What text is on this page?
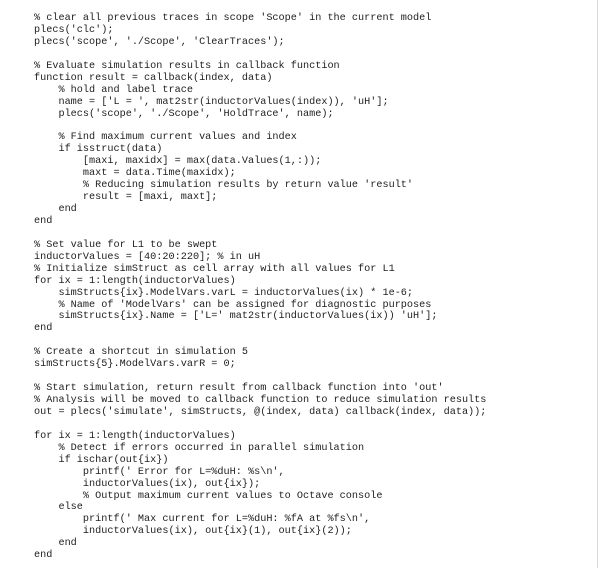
% clear all previous traces in scope 'Scope' in the current model
plecs('clc');
plecs('scope', './Scope', 'ClearTraces');

% Evaluate simulation results in callback function
function result = callback(index, data)
% hold and label trace
name = ['L = ', mat2str(inductorValues(index)), 'uH'];
plecs('scope', './Scope', 'HoldTrace', name);

% Find maximum current values and index
if isstruct(data)
[maxi, maxidx] = max(data.Values(1,:));
maxt = data.Time(maxidx);
% Reducing simulation results by return value 'result'
result = [maxi, maxt];
end
end

% Set value for L1 to be swept
inductorValues = [40:20:220]; % in uH
% Initialize simStruct as cell array with all values for L1
for ix = 1:length(inductorValues)
simStructs{ix}.ModelVars.varL = inductorValues(ix) * 1e-6;
% Name of 'ModelVars' can be assigned for diagnostic purposes
simStructs{ix}.Name = ['L=' mat2str(inductorValues(ix)) 'uH'];
end

% Create a shortcut in simulation 5
simStructs{5}.ModelVars.varR = 0;

% Start simulation, return result from callback function into 'out'
% Analysis will be moved to callback function to reduce simulation results
out = plecs('simulate', simStructs, @(index, data) callback(index, data));

for ix = 1:length(inductorValues)
% Detect if errors occurred in parallel simulation
if ischar(out{ix})
printf(' Error for L=%duH: %s\n',
inductorValues(ix), out{ix});
% Output maximum current values to Octave console
else
printf(' Max current for L=%duH: %fA at %fs\n',
inductorValues(ix), out{ix}(1), out{ix}(2));
end
end
